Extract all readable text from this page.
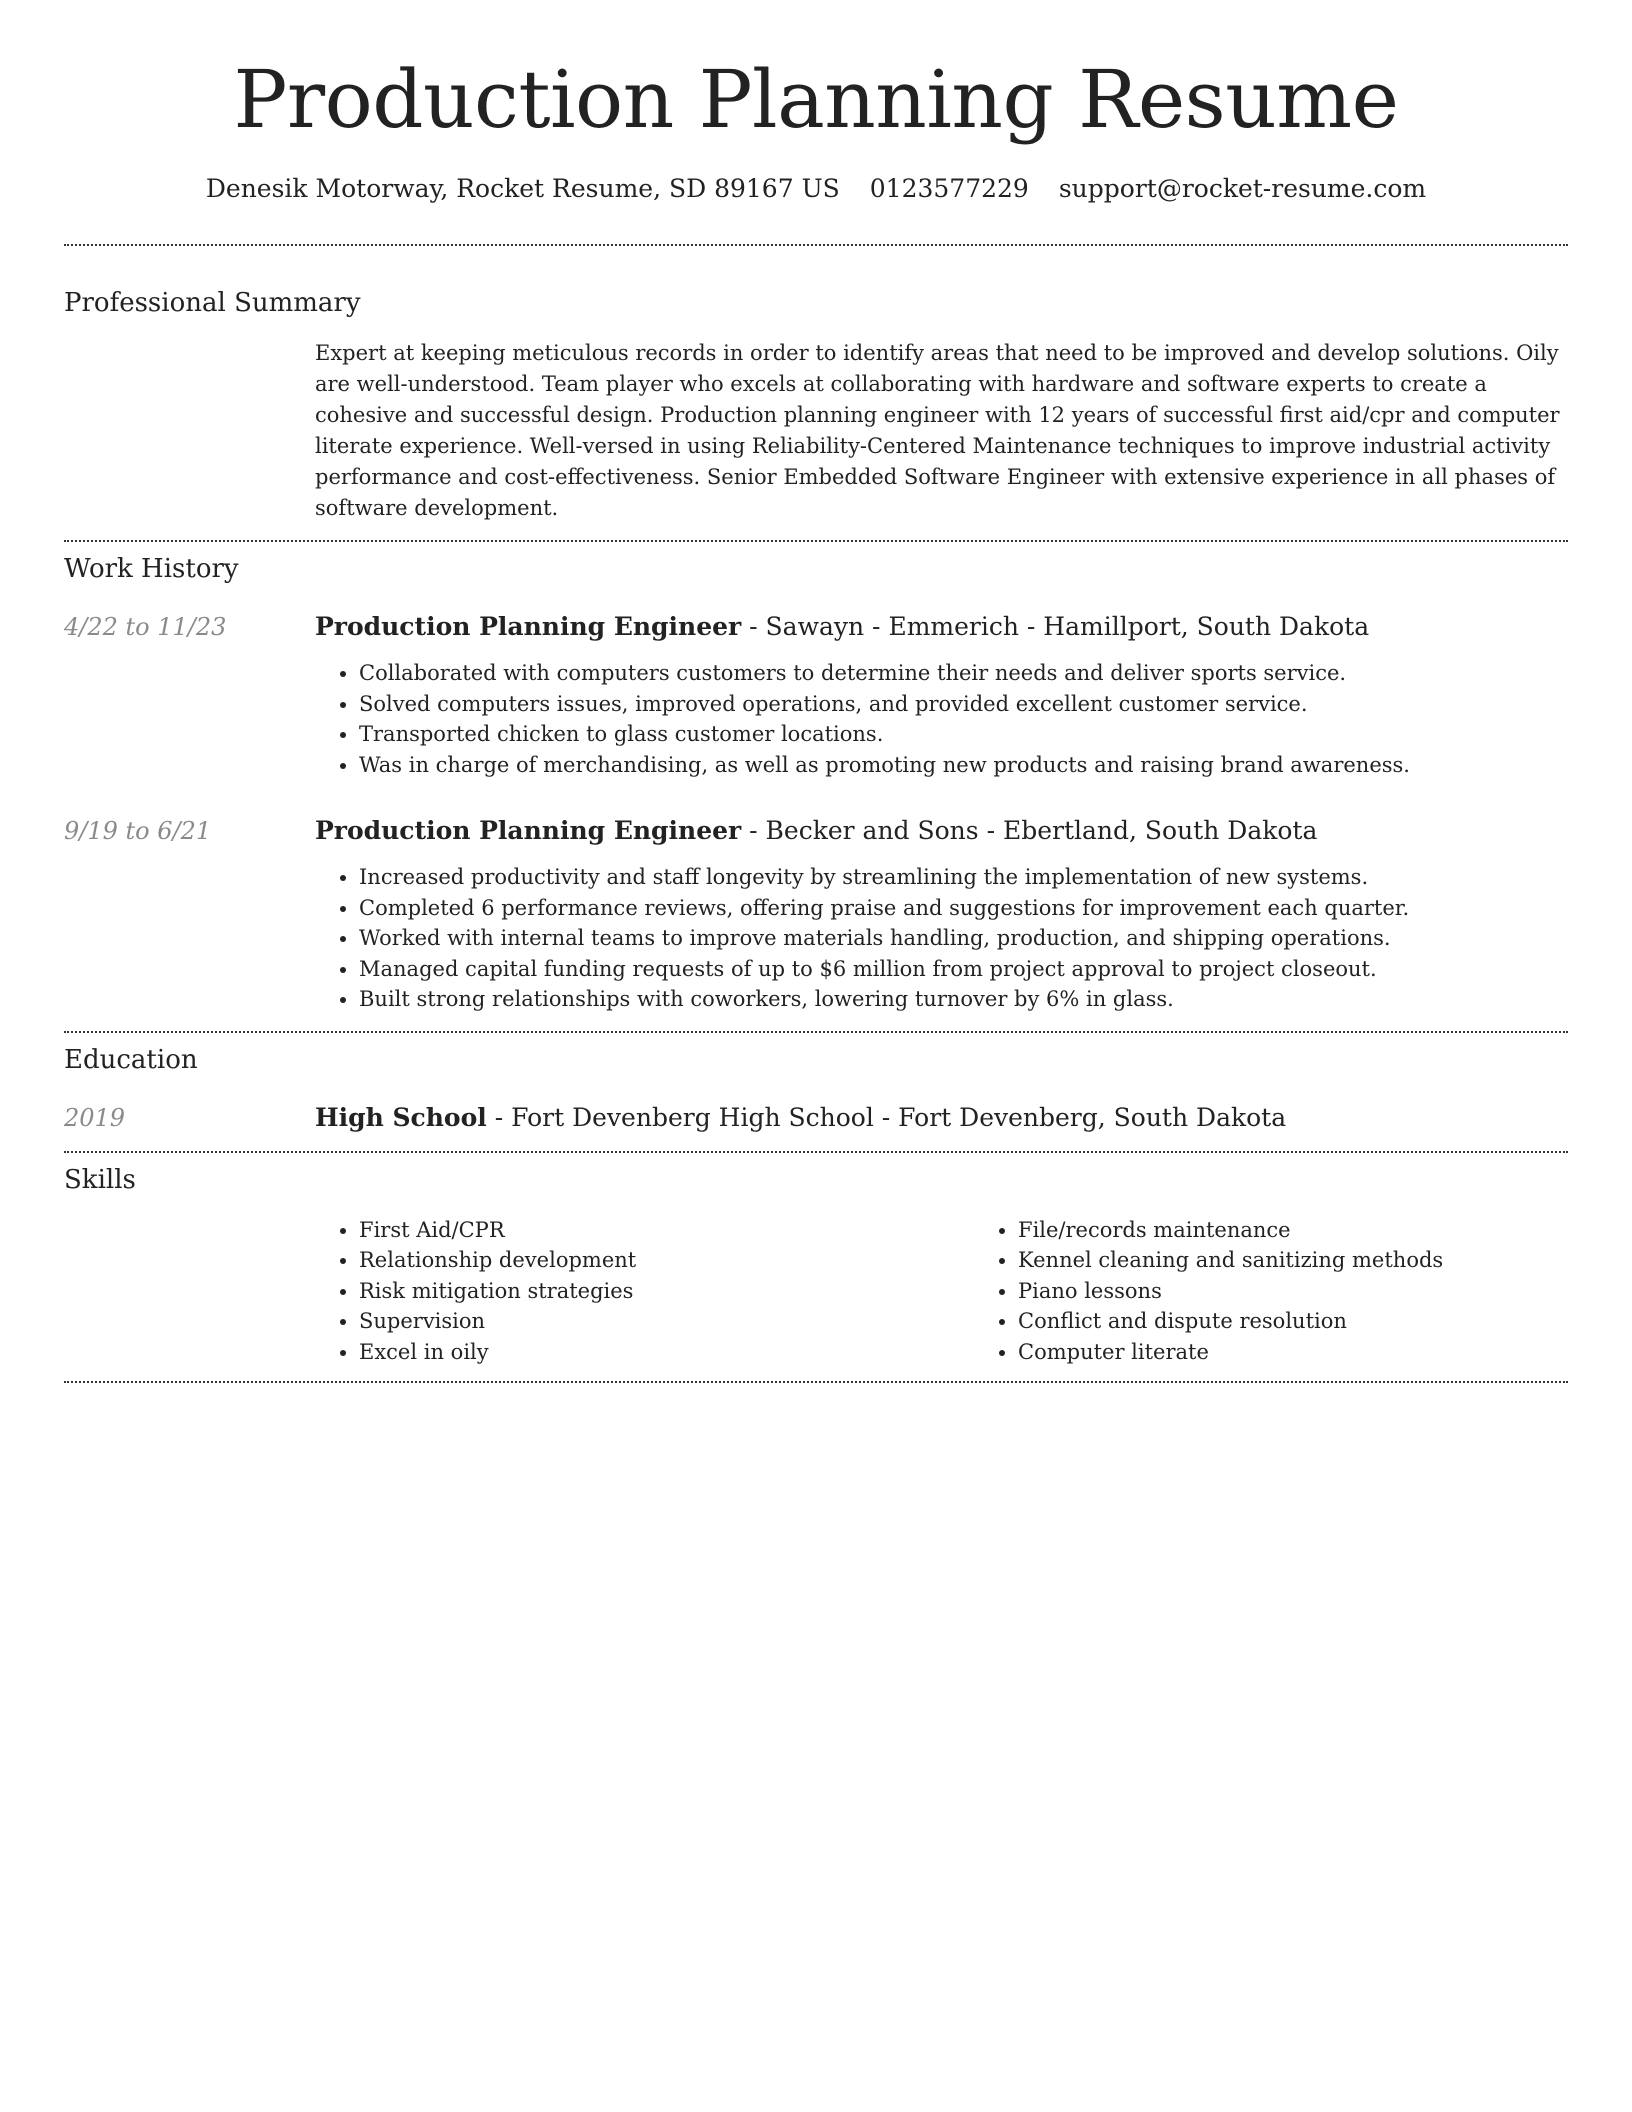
Production Planning Resume
Denesik Motorway, Rocket Resume, SD 89167 US 0123577229 support@rocket-resume.com
Professional Summary

Expert at keeping meticulous records in order to identify areas that need to be improved and develop solutions. Oily are well-understood. Team player who excels at collaborating with hardware and software experts to create a cohesive and successful design. Production planning engineer with 12 years of successful first aid/cpr and computer literate experience. Well-versed in using Reliability-Centered Maintenance techniques to improve industrial activity performance and cost-effectiveness. Senior Embedded Software Engineer with extensive experience in all phases of software development.

Work History
4/22 to 11/23	Production Planning Engineer - Sawayn - Emmerich - Hamillport, South Dakota

• Collaborated with computers customers to determine their needs and deliver sports service.
• Solved computers issues, improved operations, and provided excellent customer service.
• Transported chicken to glass customer locations.
• Was in charge of merchandising, as well as promoting new products and raising brand awareness.
9/19 to 6/21	Production Planning Engineer - Becker and Sons - Ebertland, South Dakota

• Increased productivity and staff longevity by streamlining the implementation of new systems.
• Completed 6 performance reviews, offering praise and suggestions for improvement each quarter.
• Worked with internal teams to improve materials handling, production, and shipping operations.
• Managed capital funding requests of up to $6 million from project approval to project closeout.
• Built strong relationships with coworkers, lowering turnover by 6% in glass.
Education
2019	High School - Fort Devenberg High School - Fort Devenberg, South Dakota

Skills
• First Aid/CPR
• Relationship development
• Risk mitigation strategies
• Supervision
• Excel in oily
• File/records maintenance
• Kennel cleaning and sanitizing methods
• Piano lessons
• Conflict and dispute resolution
• Computer literate
